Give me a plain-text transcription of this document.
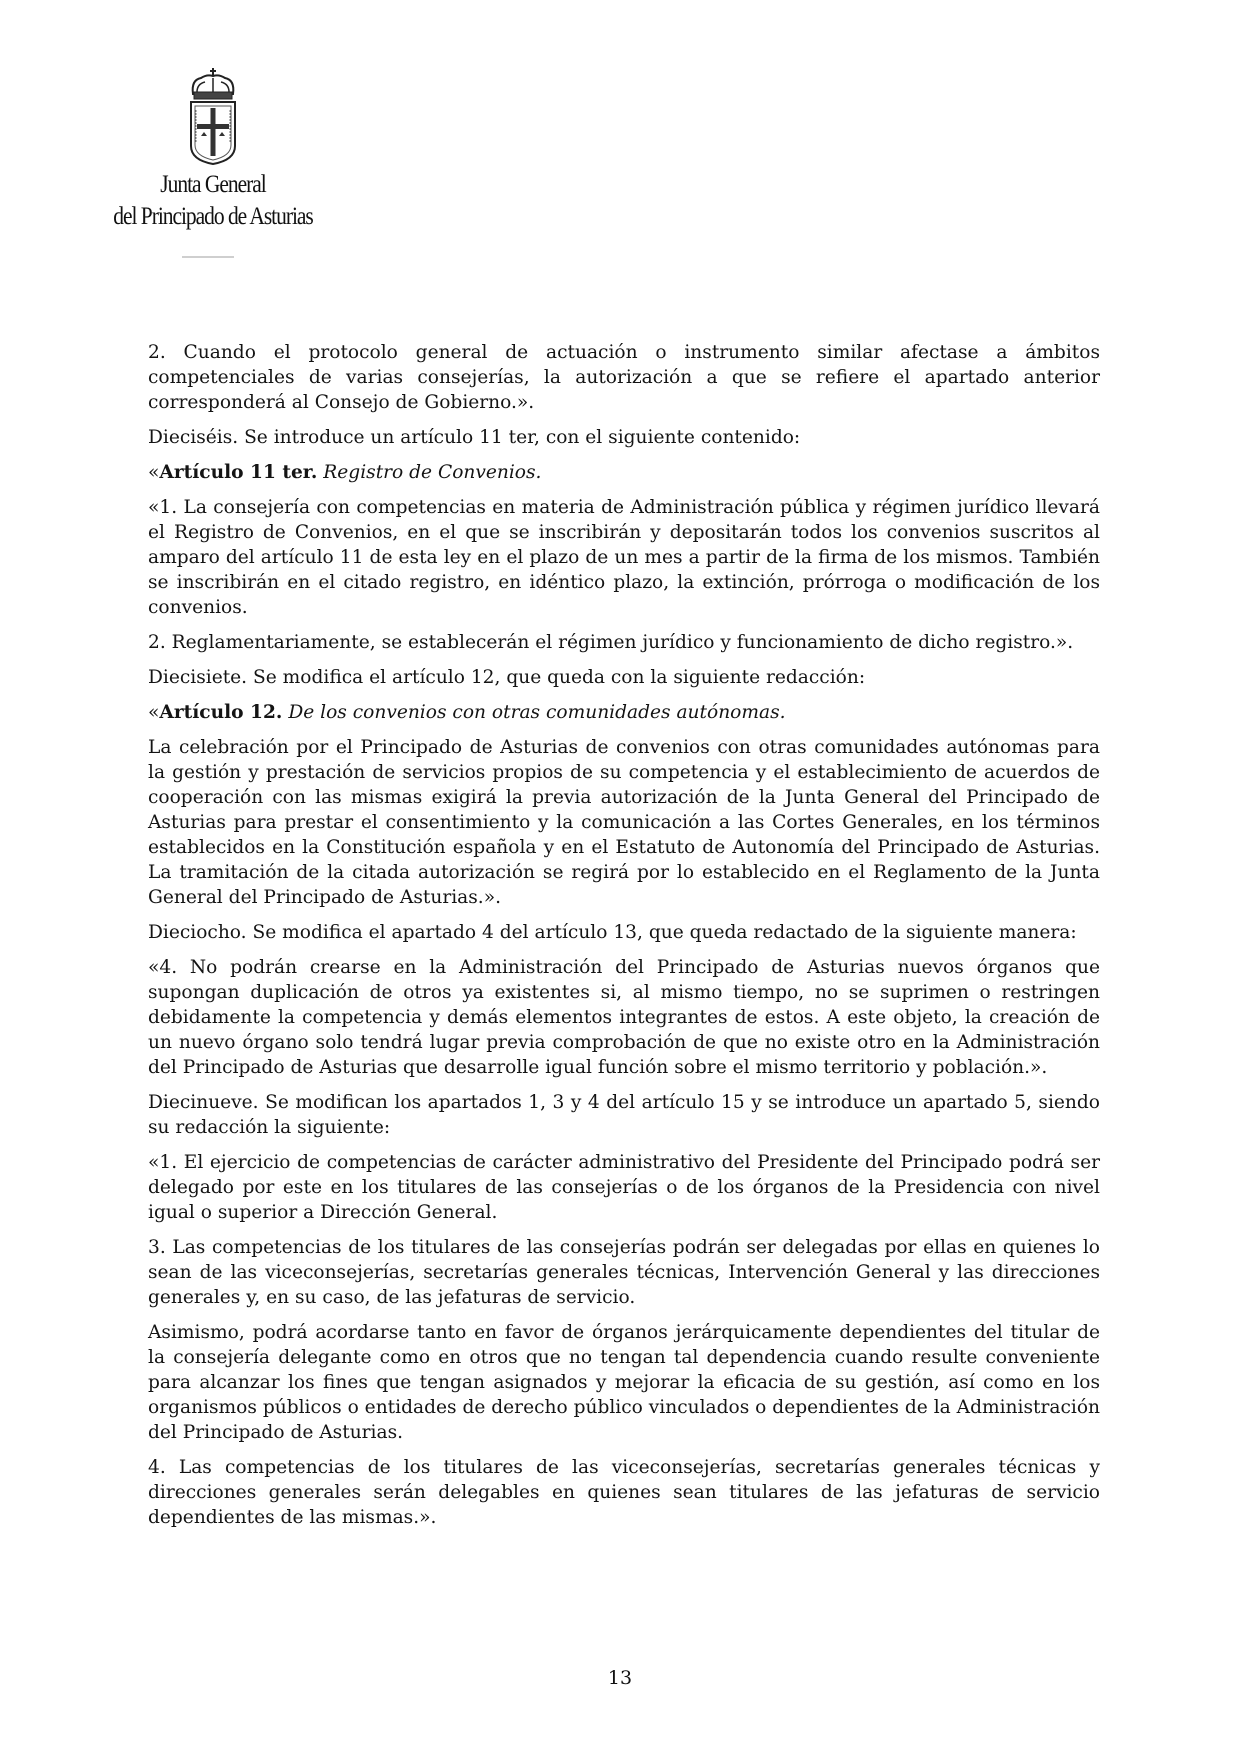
Junta General
del Principado de Asturias

2. Cuando el protocolo general de actuación o instrumento similar afectase a ámbitos competenciales de varias consejerías, la autorización a que se refiere el apartado anterior corresponderá al Consejo de Gobierno.».

Dieciséis. Se introduce un artículo 11 ter, con el siguiente contenido:

«Artículo 11 ter. Registro de Convenios.

«1. La consejería con competencias en materia de Administración pública y régimen jurídico llevará el Registro de Convenios, en el que se inscribirán y depositarán todos los convenios suscritos al amparo del artículo 11 de esta ley en el plazo de un mes a partir de la firma de los mismos. También se inscribirán en el citado registro, en idéntico plazo, la extinción, prórroga o modificación de los convenios.

2. Reglamentariamente, se establecerán el régimen jurídico y funcionamiento de dicho registro.».

Diecisiete. Se modifica el artículo 12, que queda con la siguiente redacción:

«Artículo 12. De los convenios con otras comunidades autónomas.

La celebración por el Principado de Asturias de convenios con otras comunidades autónomas para la gestión y prestación de servicios propios de su competencia y el establecimiento de acuerdos de cooperación con las mismas exigirá la previa autorización de la Junta General del Principado de Asturias para prestar el consentimiento y la comunicación a las Cortes Generales, en los términos establecidos en la Constitución española y en el Estatuto de Autonomía del Principado de Asturias. La tramitación de la citada autorización se regirá por lo establecido en el Reglamento de la Junta General del Principado de Asturias.».

Dieciocho. Se modifica el apartado 4 del artículo 13, que queda redactado de la siguiente manera:

«4. No podrán crearse en la Administración del Principado de Asturias nuevos órganos que supongan duplicación de otros ya existentes si, al mismo tiempo, no se suprimen o restringen debidamente la competencia y demás elementos integrantes de estos. A este objeto, la creación de un nuevo órgano solo tendrá lugar previa comprobación de que no existe otro en la Administración del Principado de Asturias que desarrolle igual función sobre el mismo territorio y población.».

Diecinueve. Se modifican los apartados 1, 3 y 4 del artículo 15 y se introduce un apartado 5, siendo su redacción la siguiente:

«1. El ejercicio de competencias de carácter administrativo del Presidente del Principado podrá ser delegado por este en los titulares de las consejerías o de los órganos de la Presidencia con nivel igual o superior a Dirección General.

3. Las competencias de los titulares de las consejerías podrán ser delegadas por ellas en quienes lo sean de las viceconsejerías, secretarías generales técnicas, Intervención General y las direcciones generales y, en su caso, de las jefaturas de servicio.

Asimismo, podrá acordarse tanto en favor de órganos jerárquicamente dependientes del titular de la consejería delegante como en otros que no tengan tal dependencia cuando resulte conveniente para alcanzar los fines que tengan asignados y mejorar la eficacia de su gestión, así como en los organismos públicos o entidades de derecho público vinculados o dependientes de la Administración del Principado de Asturias.

4. Las competencias de los titulares de las viceconsejerías, secretarías generales técnicas y direcciones generales serán delegables en quienes sean titulares de las jefaturas de servicio dependientes de las mismas.».

13
